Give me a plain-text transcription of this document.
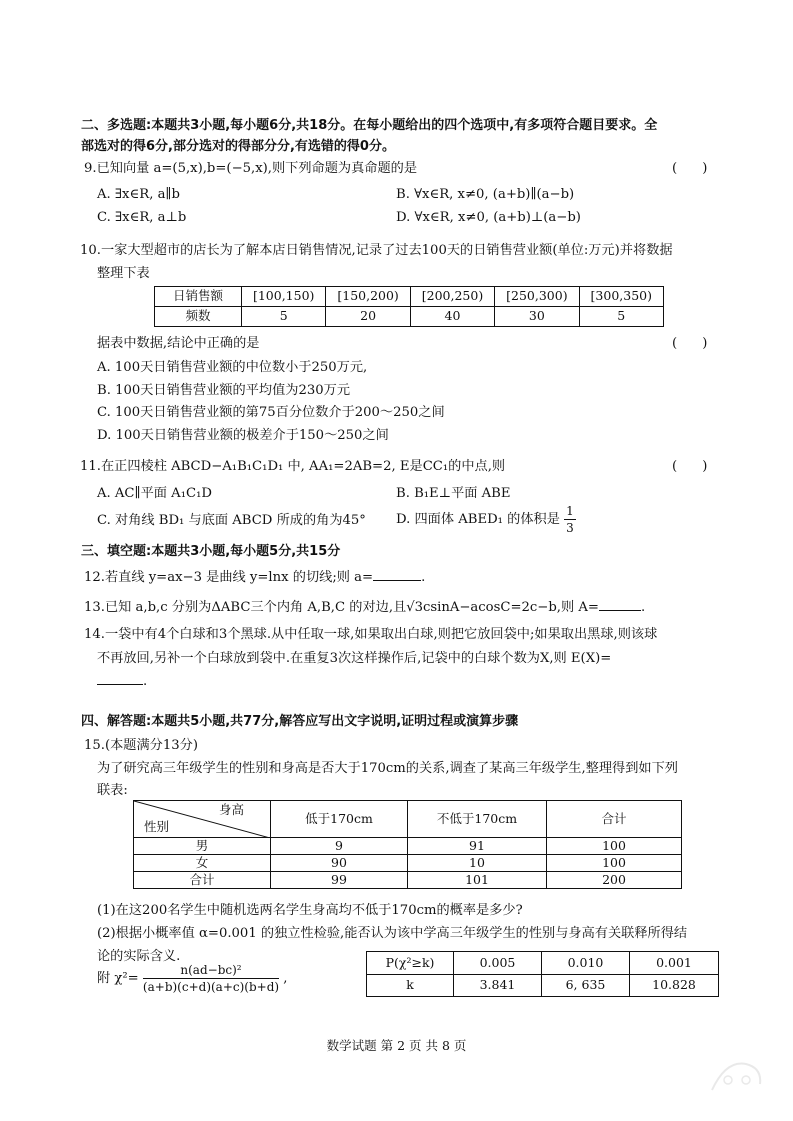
二、多选题:本题共3小题,每小题6分,共18分。在每小题给出的四个选项中,有多项符合题目要求。全
部选对的得6分,部分选对的得部分分,有选错的得0分。
9.已知向量 a=(5,x),b=(−5,x),则下列命题为真命题的是	(      )
A. ∃x∈R, a∥b	B. ∀x∈R, x≠0, (a+b)∥(a−b)
C. ∃x∈R, a⊥b	D. ∀x∈R, x≠0, (a+b)⊥(a−b)
10.一家大型超市的店长为了解本店日销售情况,记录了过去100天的日销售营业额(单位:万元)并将数据
整理下表
日销售额	[100,150)	[150,200)	[200,250)	[250,300)	[300,350)
频数	5	20	40	30	5
据表中数据,结论中正确的是	(      )
A. 100天日销售营业额的中位数小于250万元,
B. 100天日销售营业额的平均值为230万元
C. 100天日销售营业额的第75百分位数介于200～250之间
D. 100天日销售营业额的极差介于150～250之间
11.在正四棱柱 ABCD−A₁B₁C₁D₁ 中, AA₁=2AB=2, E是CC₁的中点,则	(      )
A. AC∥平面 A₁C₁D	B. B₁E⊥平面 ABE
C. 对角线 BD₁ 与底面 ABCD 所成的角为45° D. 四面体 ABED₁ 的体积是 $\frac{1}{3}$
三、填空题:本题共3小题,每小题5分,共15分
12.若直线 y=ax−3 是曲线 y=lnx 的切线;则 a=	.
13.已知 a,b,c 分别为ΔABC三个内角 A,B,C 的对边,且√3csinA−acosC=2c−b,则 A=	.
14.一袋中有4个白球和3个黑球.从中任取一球,如果取出白球,则把它放回袋中;如果取出黑球,则该球
不再放回,另补一个白球放到袋中.在重复3次这样操作后,记袋中的白球个数为X,则 E(X)=
.
四、解答题:本题共5小题,共77分,解答应写出文字说明,证明过程或演算步骤
15.(本题满分13分)
为了研究高三年级学生的性别和身高是否大于170cm的关系,调查了某高三年级学生,整理得到如下列
联表:
身高
性别	低于170cm	不低于170cm	合计
男	9	91	100
女	90	10	100
合计	99	101	200
(1)在这200名学生中随机选两名学生身高均不低于170cm的概率是多少?
(2)根据小概率值 α=0.001 的独立性检验,能否认为该中学高三年级学生的性别与身高有关联释所得结
论的实际含义.
附 $\chi^2= \frac{\text{n(ad−bc)²}}{(a+b)(c+d)(a+c)(b+d)}$ ,
P(χ²≥k)	0.005	0.010	0.001
k	3.841	6, 635	10.828
数学试题 第 2 页 共 8 页
